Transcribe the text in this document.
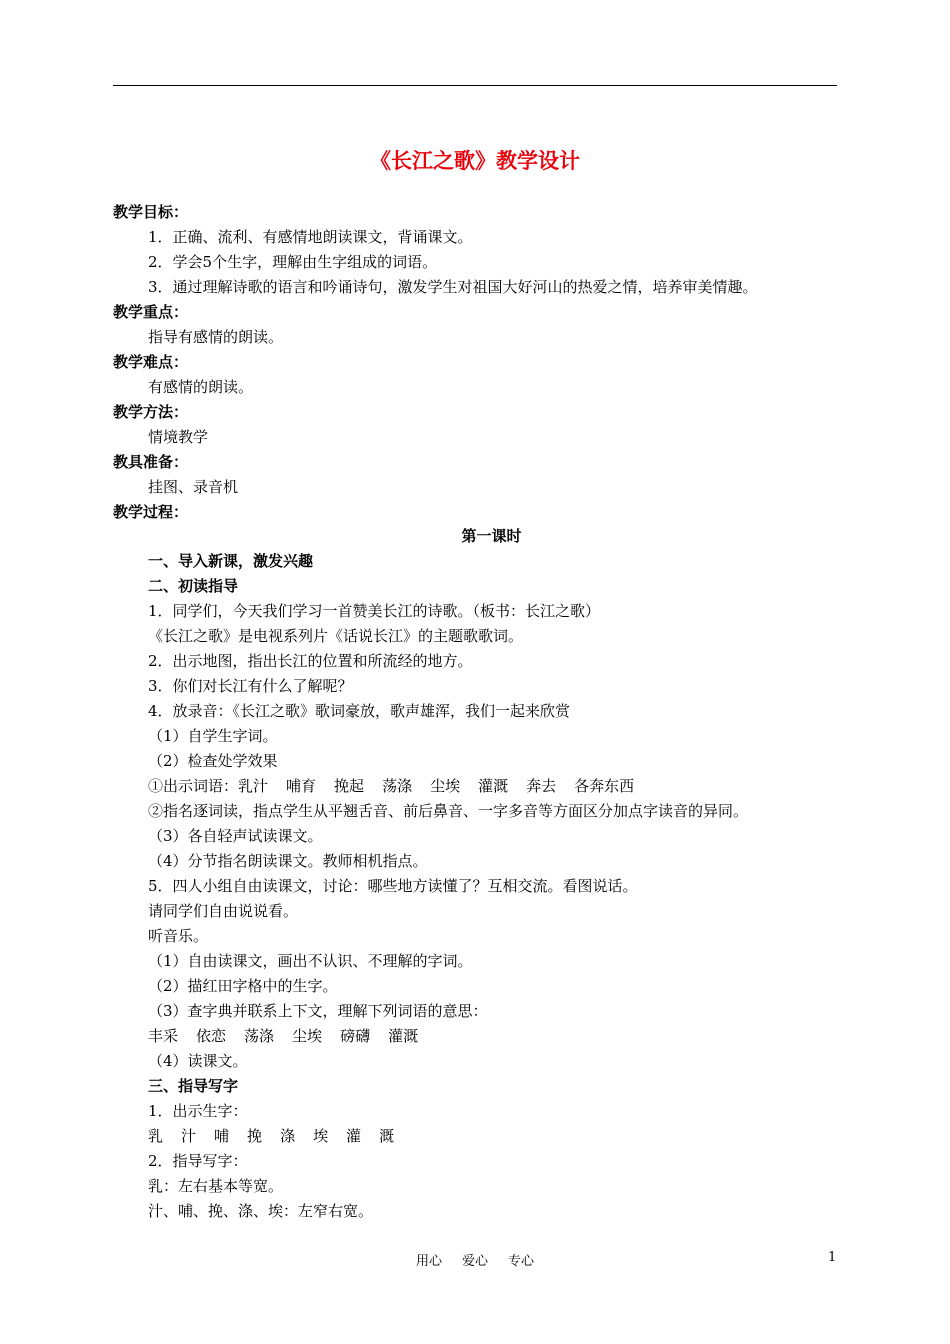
《长江之歌》教学设计
教学目标：
1．正确、流利、有感情地朗读课文，背诵课文。
2．学会5个生字，理解由生字组成的词语。
3．通过理解诗歌的语言和吟诵诗句，激发学生对祖国大好河山的热爱之情，培养审美情趣。
教学重点：
指导有感情的朗读。
教学难点：
有感情的朗读。
教学方法：
情境教学
教具准备：
挂图、录音机
教学过程：
第一课时
一、导入新课，激发兴趣
二、初读指导
1．同学们，今天我们学习一首赞美长江的诗歌。（板书：长江之歌）
《长江之歌》是电视系列片《话说长江》的主题歌歌词。
2．出示地图，指出长江的位置和所流经的地方。
3．你们对长江有什么了解呢？
4．放录音：《长江之歌》歌词豪放，歌声雄浑，我们一起来欣赏
（1）自学生字词。
（2）检查处学效果
①出示词语：乳汁 哺育 挽起 荡涤 尘埃 灌溉 奔去 各奔东西
②指名逐词读，指点学生从平翘舌音、前后鼻音、一字多音等方面区分加点字读音的异同。
（3）各自轻声试读课文。
（4）分节指名朗读课文。教师相机指点。
5．四人小组自由读课文，讨论：哪些地方读懂了？互相交流。看图说话。
请同学们自由说说看。
听音乐。
（1）自由读课文，画出不认识、不理解的字词。
（2）描红田字格中的生字。
（3）查字典并联系上下文，理解下列词语的意思：
丰采 依恋 荡涤 尘埃 磅礴 灌溉
（4）读课文。
三、指导写字
1．出示生字：
乳 汁 哺 挽 涤 埃 灌 溉
2．指导写字：
乳：左右基本等宽。
汁、哺、挽、涤、埃：左窄右宽。
用心 爱心 专心	1
